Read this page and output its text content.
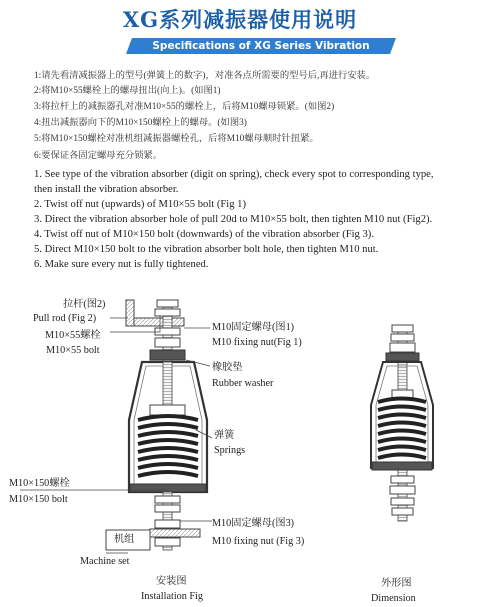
XG系列减振器使用说明
Specifications of XG Series Vibration Absorber
1:请先看清减振器上的型号(弹簧上的数字)，对准各点所需要的型号后,再进行安装。
2:将M10×55螺栓上的螺母扭出(向上)。(如图1)
3:将拉杆上的减振器孔对准M10×55的螺栓上，后将M10螺母锁紧。(如图2)
4:扭出减振器向下的M10×150螺栓上的螺母。(如图3)
5:将M10×150螺栓对准机组减振器螺栓孔，后将M10螺母顺时针扭紧。
6:要保证各固定螺母充分锁紧。
1. See type of the vibration absorber (digit on spring), check every spot to corresponding type,
then install the vibration absorber.
2. Twist off nut (upwards) of M10×55 bolt (Fig 1)
3. Direct the vibration absorber hole of pull 20d to M10×55 bolt, then tighten M10 nut (Fig2).
4. Twist off nut of M10×150 bolt (downwards) of the vibration absorber (Fig 3).
5. Direct M10×150 bolt to the vibration absorber bolt hole, then tighten M10 nut.
6. Make sure every nut is fully tightened.
拉杆(图2)
Pull rod (Fig 2)
M10×55螺栓
M10×55 bolt
M10固定螺母(图1)
M10 fixing nut(Fig 1)
橡胶垫
Rubber washer
弹簧
Springs
M10×150螺栓
M10×150 bolt
M10固定螺母(图3)
M10 fixing nut (Fig 3)
机组
Machine set
安装图
Installation Fig
外形图
Dimension
